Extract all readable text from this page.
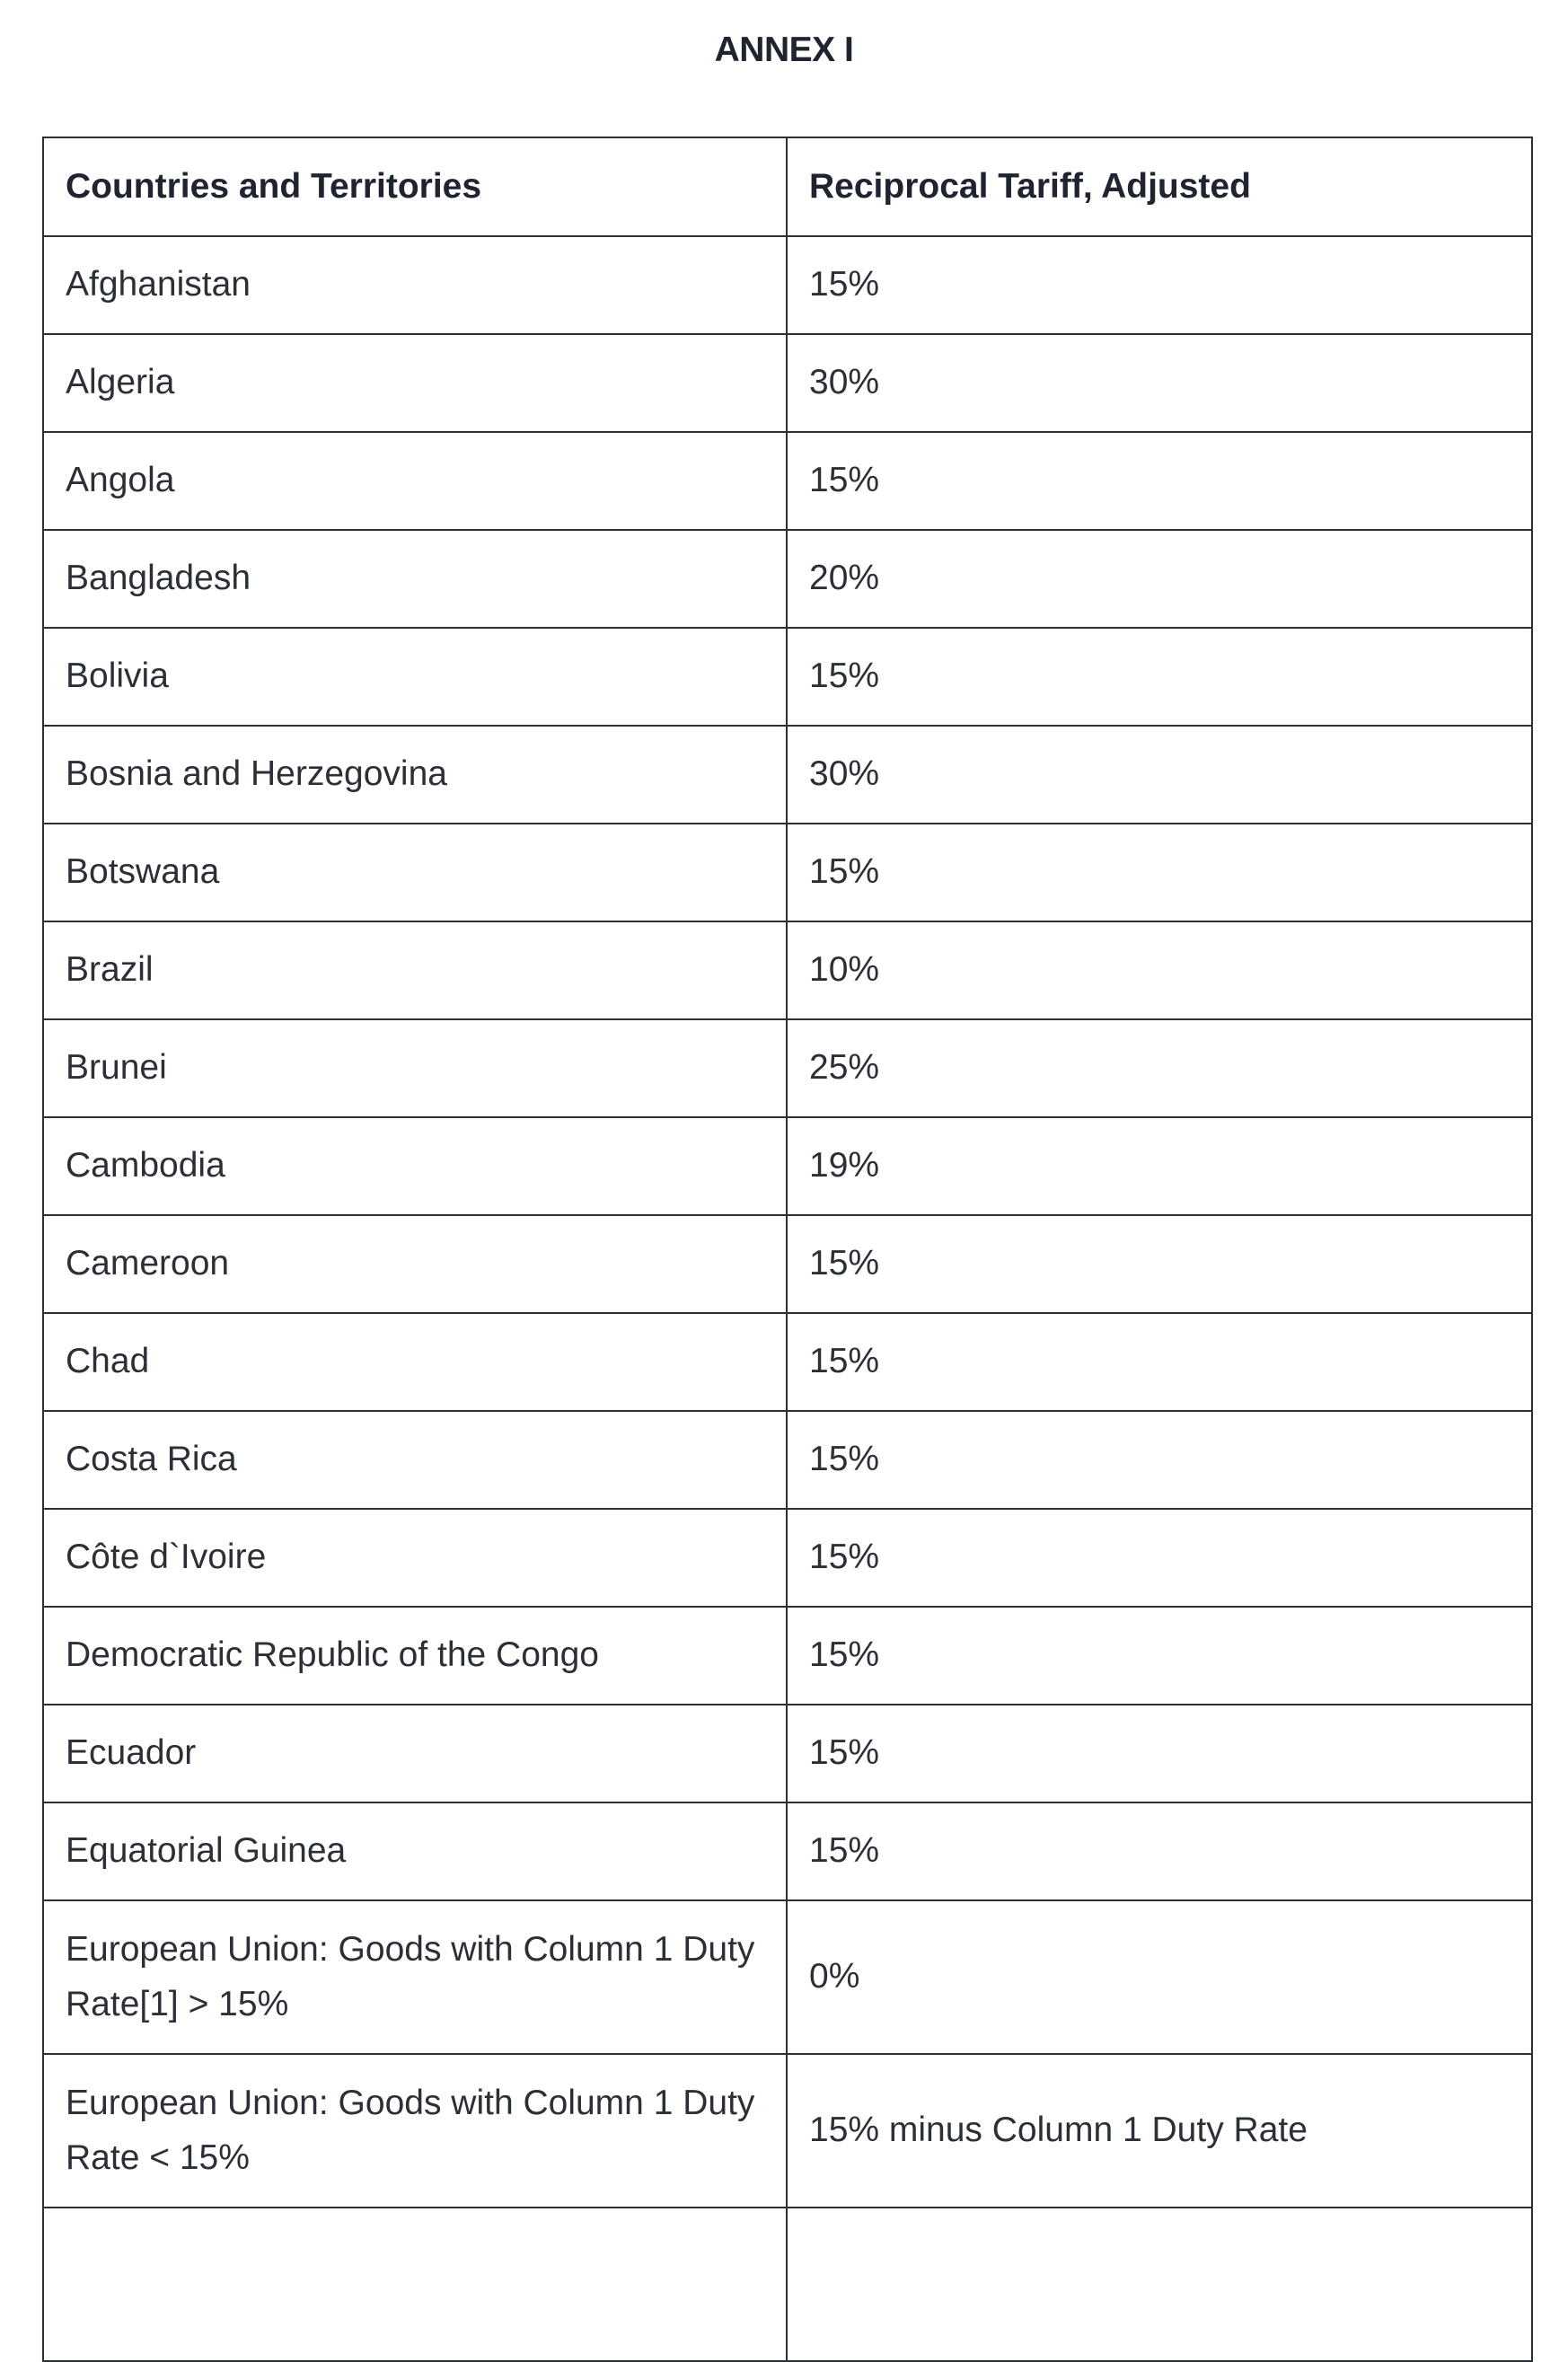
ANNEX I
Countries and Territories	Reciprocal Tariff, Adjusted
Afghanistan	15%
Algeria	30%
Angola	15%
Bangladesh	20%
Bolivia	15%
Bosnia and Herzegovina	30%
Botswana	15%
Brazil	10%
Brunei	25%
Cambodia	19%
Cameroon	15%
Chad	15%
Costa Rica	15%
Côte d`Ivoire	15%
Democratic Republic of the Congo	15%
Ecuador	15%
Equatorial Guinea	15%
European Union: Goods with Column 1 Duty Rate[1] > 15%	0%
European Union: Goods with Column 1 Duty Rate < 15%	15% minus Column 1 Duty Rate
